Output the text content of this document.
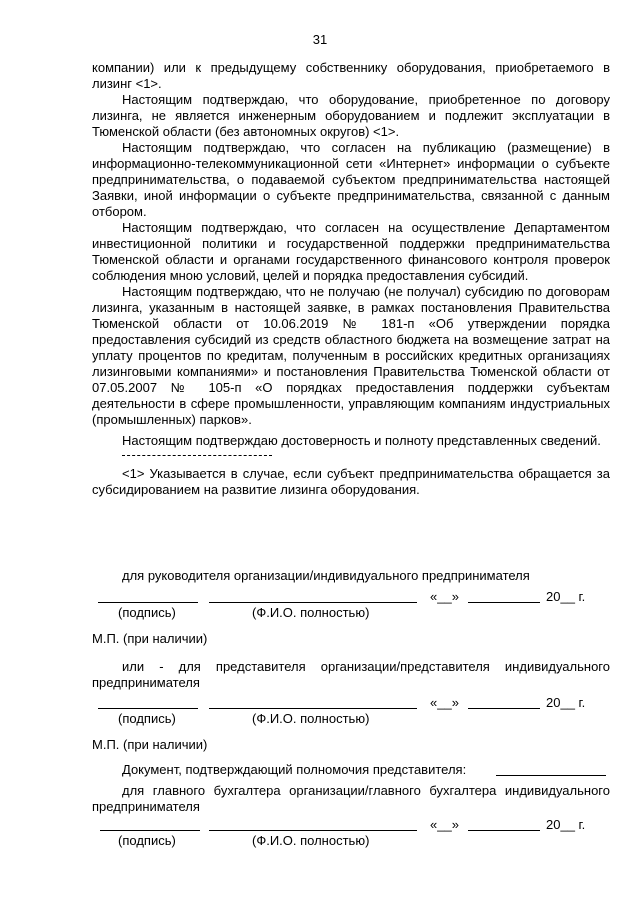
31

компании) или к предыдущему собственнику оборудования, приобретаемого в лизинг <1>.

Настоящим подтверждаю, что оборудование, приобретенное по договору лизинга, не является инженерным оборудованием и подлежит эксплуатации в Тюменской области (без автономных округов) <1>.

Настоящим подтверждаю, что согласен на публикацию (размещение) в информационно-телекоммуникационной сети «Интернет» информации о субъекте предпринимательства, о подаваемой субъектом предпринимательства настоящей Заявки, иной информации о субъекте предпринимательства, связанной с данным отбором.

Настоящим подтверждаю, что согласен на осуществление Департаментом инвестиционной политики и государственной поддержки предпринимательства Тюменской области и органами государственного финансового контроля проверок соблюдения мною условий, целей и порядка предоставления субсидий.

Настоящим подтверждаю, что не получаю (не получал) субсидию по договорам лизинга, указанным в настоящей заявке, в рамках постановления Правительства Тюменской области от 10.06.2019 № 181-п «Об утверждении порядка предоставления субсидий из средств областного бюджета на возмещение затрат на уплату процентов по кредитам, полученным в российских кредитных организациях лизинговыми компаниями» и постановления Правительства Тюменской области от 07.05.2007 № 105-п «О порядках предоставления поддержки субъектам деятельности в сфере промышленности, управляющим компаниям индустриальных (промышленных) парков».

Настоящим подтверждаю достоверность и полноту представленных сведений.

<1> Указывается в случае, если субъект предпринимательства обращается за субсидированием на развитие лизинга оборудования.

для руководителя организации/индивидуального предпринимателя
«__»	20__ г.
(подпись)	(Ф.И.О. полностью)
М.П. (при наличии)

или - для представителя организации/представителя индивидуального предпринимателя

«__»	20__ г.
(подпись)	(Ф.И.О. полностью)
М.П. (при наличии)
Документ, подтверждающий полномочия представителя:

для главного бухгалтера организации/главного бухгалтера индивидуального предпринимателя

«__»	20__ г.
(подпись)	(Ф.И.О. полностью)
